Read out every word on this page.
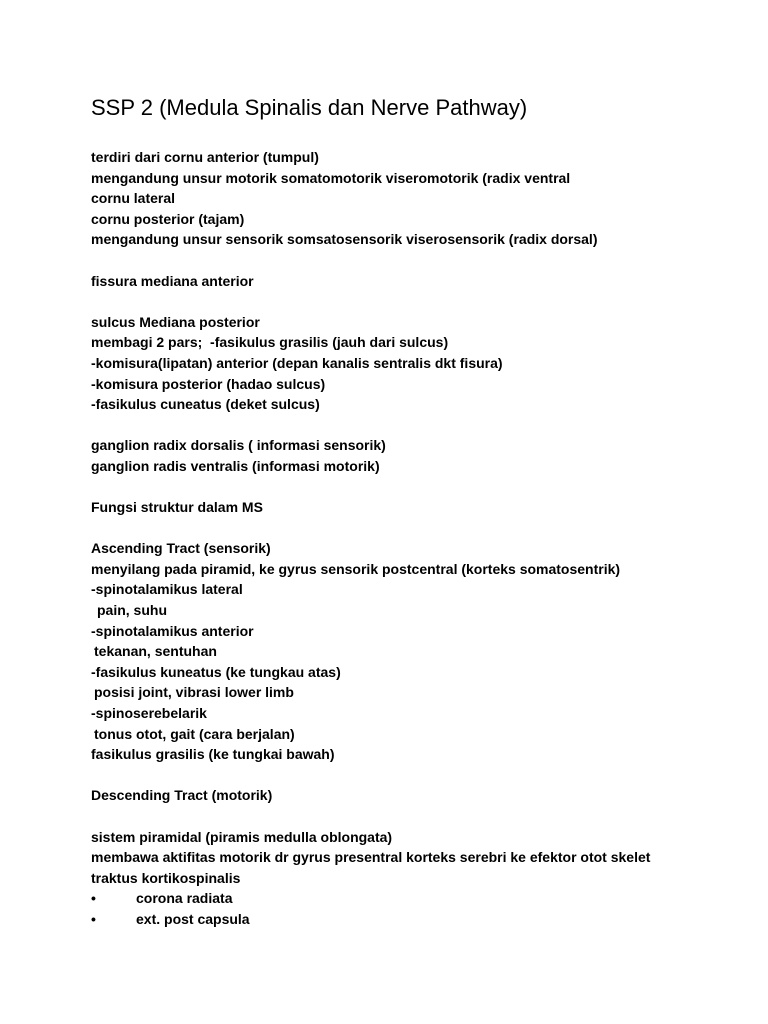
SSP 2 (Medula Spinalis dan Nerve Pathway)
terdiri dari cornu anterior (tumpul)
mengandung unsur motorik somatomotorik viseromotorik (radix ventral
cornu lateral
cornu posterior (tajam)
mengandung unsur sensorik somsatosensorik viserosensorik (radix dorsal)
fissura mediana anterior
sulcus Mediana posterior
membagi 2 pars;  -fasikulus grasilis (jauh dari sulcus)
-komisura(lipatan) anterior (depan kanalis sentralis dkt fisura)
-komisura posterior (hadao sulcus)
-fasikulus cuneatus (deket sulcus)
ganglion radix dorsalis ( informasi sensorik)
ganglion radis ventralis (informasi motorik)
Fungsi struktur dalam MS
Ascending Tract (sensorik)
menyilang pada piramid, ke gyrus sensorik postcentral (korteks somatosentrik)
-spinotalamikus lateral
pain, suhu
-spinotalamikus anterior
tekanan, sentuhan
-fasikulus kuneatus (ke tungkau atas)
posisi joint, vibrasi lower limb
-spinoserebelarik
tonus otot, gait (cara berjalan)
fasikulus grasilis (ke tungkai bawah)
Descending Tract (motorik)
sistem piramidal (piramis medulla oblongata)
membawa aktifitas motorik dr gyrus presentral korteks serebri ke efektor otot skelet
traktus kortikospinalis
•	corona radiata
•	ext. post capsula
